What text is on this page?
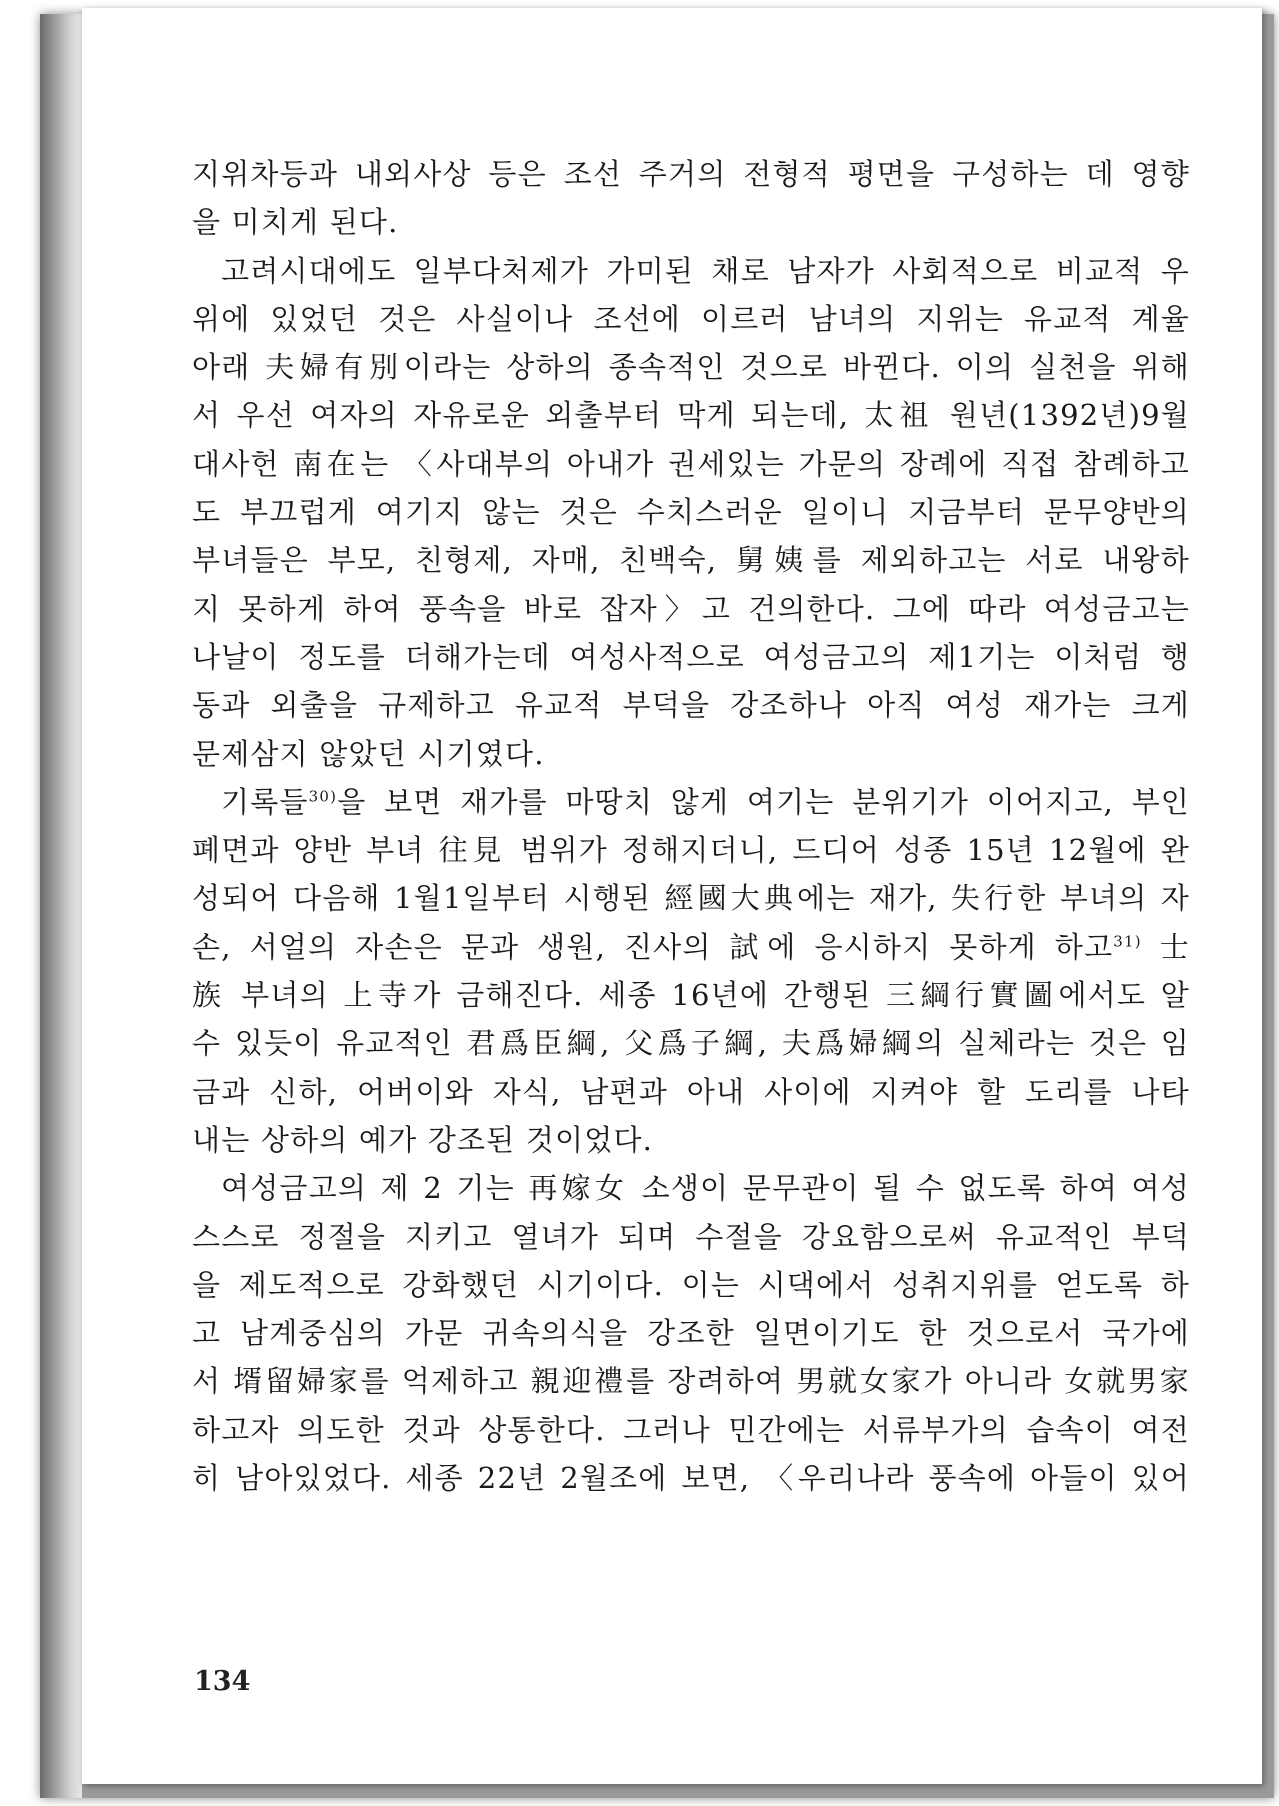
지위차등과 내외사상 등은 조선 주거의 전형적 평면을 구성하는 데 영향
을 미치게 된다.
고려시대에도 일부다처제가 가미된 채로 남자가 사회적으로 비교적 우
위에 있었던 것은 사실이나 조선에 이르러 남녀의 지위는 유교적 계율
아래 夫婦有別이라는 상하의 종속적인 것으로 바뀐다. 이의 실천을 위해
서 우선 여자의 자유로운 외출부터 막게 되는데, 太祖 원년(1392년)9월
대사헌 南在는 〈사대부의 아내가 권세있는 가문의 장례에 직접 참례하고
도 부끄럽게 여기지 않는 것은 수치스러운 일이니 지금부터 문무양반의
부녀들은 부모, 친형제, 자매, 친백숙, 舅姨를 제외하고는 서로 내왕하
지 못하게 하여 풍속을 바로 잡자〉고 건의한다. 그에 따라 여성금고는
나날이 정도를 더해가는데 여성사적으로 여성금고의 제1기는 이처럼 행
동과 외출을 규제하고 유교적 부덕을 강조하나 아직 여성 재가는 크게
문제삼지 않았던 시기였다.
기록들$^{30)}$을 보면 재가를 마땅치 않게 여기는 분위기가 이어지고, 부인
폐면과 양반 부녀 往見 범위가 정해지더니, 드디어 성종 15년 12월에 완
성되어 다음해 1월1일부터 시행된 經國大典에는 재가, 失行한 부녀의 자
손, 서얼의 자손은 문과 생원, 진사의 試에 응시하지 못하게 하고$^{31)}$ 士
族 부녀의 上寺가 금해진다. 세종 16년에 간행된 三綱行實圖에서도 알
수 있듯이 유교적인 君爲臣綱, 父爲子綱, 夫爲婦綱의 실체라는 것은 임
금과 신하, 어버이와 자식, 남편과 아내 사이에 지켜야 할 도리를 나타
내는 상하의 예가 강조된 것이었다.
여성금고의 제 2 기는 再嫁女 소생이 문무관이 될 수 없도록 하여 여성
스스로 정절을 지키고 열녀가 되며 수절을 강요함으로써 유교적인 부덕
을 제도적으로 강화했던 시기이다. 이는 시댁에서 성취지위를 얻도록 하
고 남계중심의 가문 귀속의식을 강조한 일면이기도 한 것으로서 국가에
서 壻留婦家를 억제하고 親迎禮를 장려하여 男就女家가 아니라 女就男家
하고자 의도한 것과 상통한다. 그러나 민간에는 서류부가의 습속이 여전
히 남아있었다. 세종 22년 2월조에 보면, 〈우리나라 풍속에 아들이 있어
134
